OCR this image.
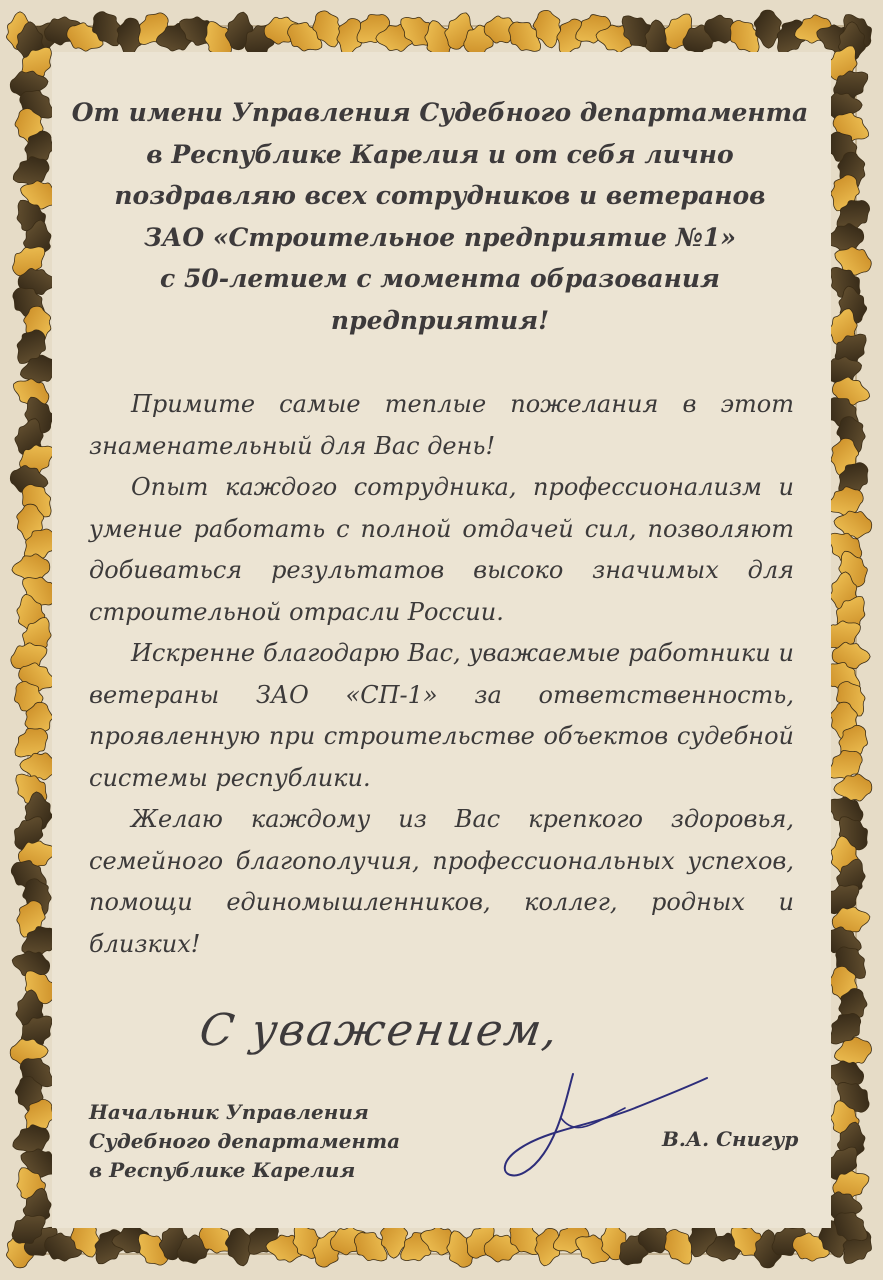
От имени Управления Судебного департамента
в Республике Карелия и от себя лично
поздравляю всех сотрудников и ветеранов
ЗАО «Строительное предприятие №1»
с 50-летием с момента образования
предприятия!
Примите самые теплые пожелания в этот
знаменательный для Вас день!
Опыт каждого сотрудника, профессионализм и
умение работать с полной отдачей сил, позволяют
добиваться результатов высоко значимых для
строительной отрасли России.
Искренне благодарю Вас, уважаемые работники и
ветераны ЗАО «СП-1» за ответственность,
проявленную при строительстве объектов судебной
системы республики.
Желаю каждому из Вас крепкого здоровья,
семейного благополучия, профессиональных успехов,
помощи единомышленников, коллег, родных и
близких!
С уважением,
Начальник Управления
Судебного департамента
в Республике Карелия
В.А. Снигур
